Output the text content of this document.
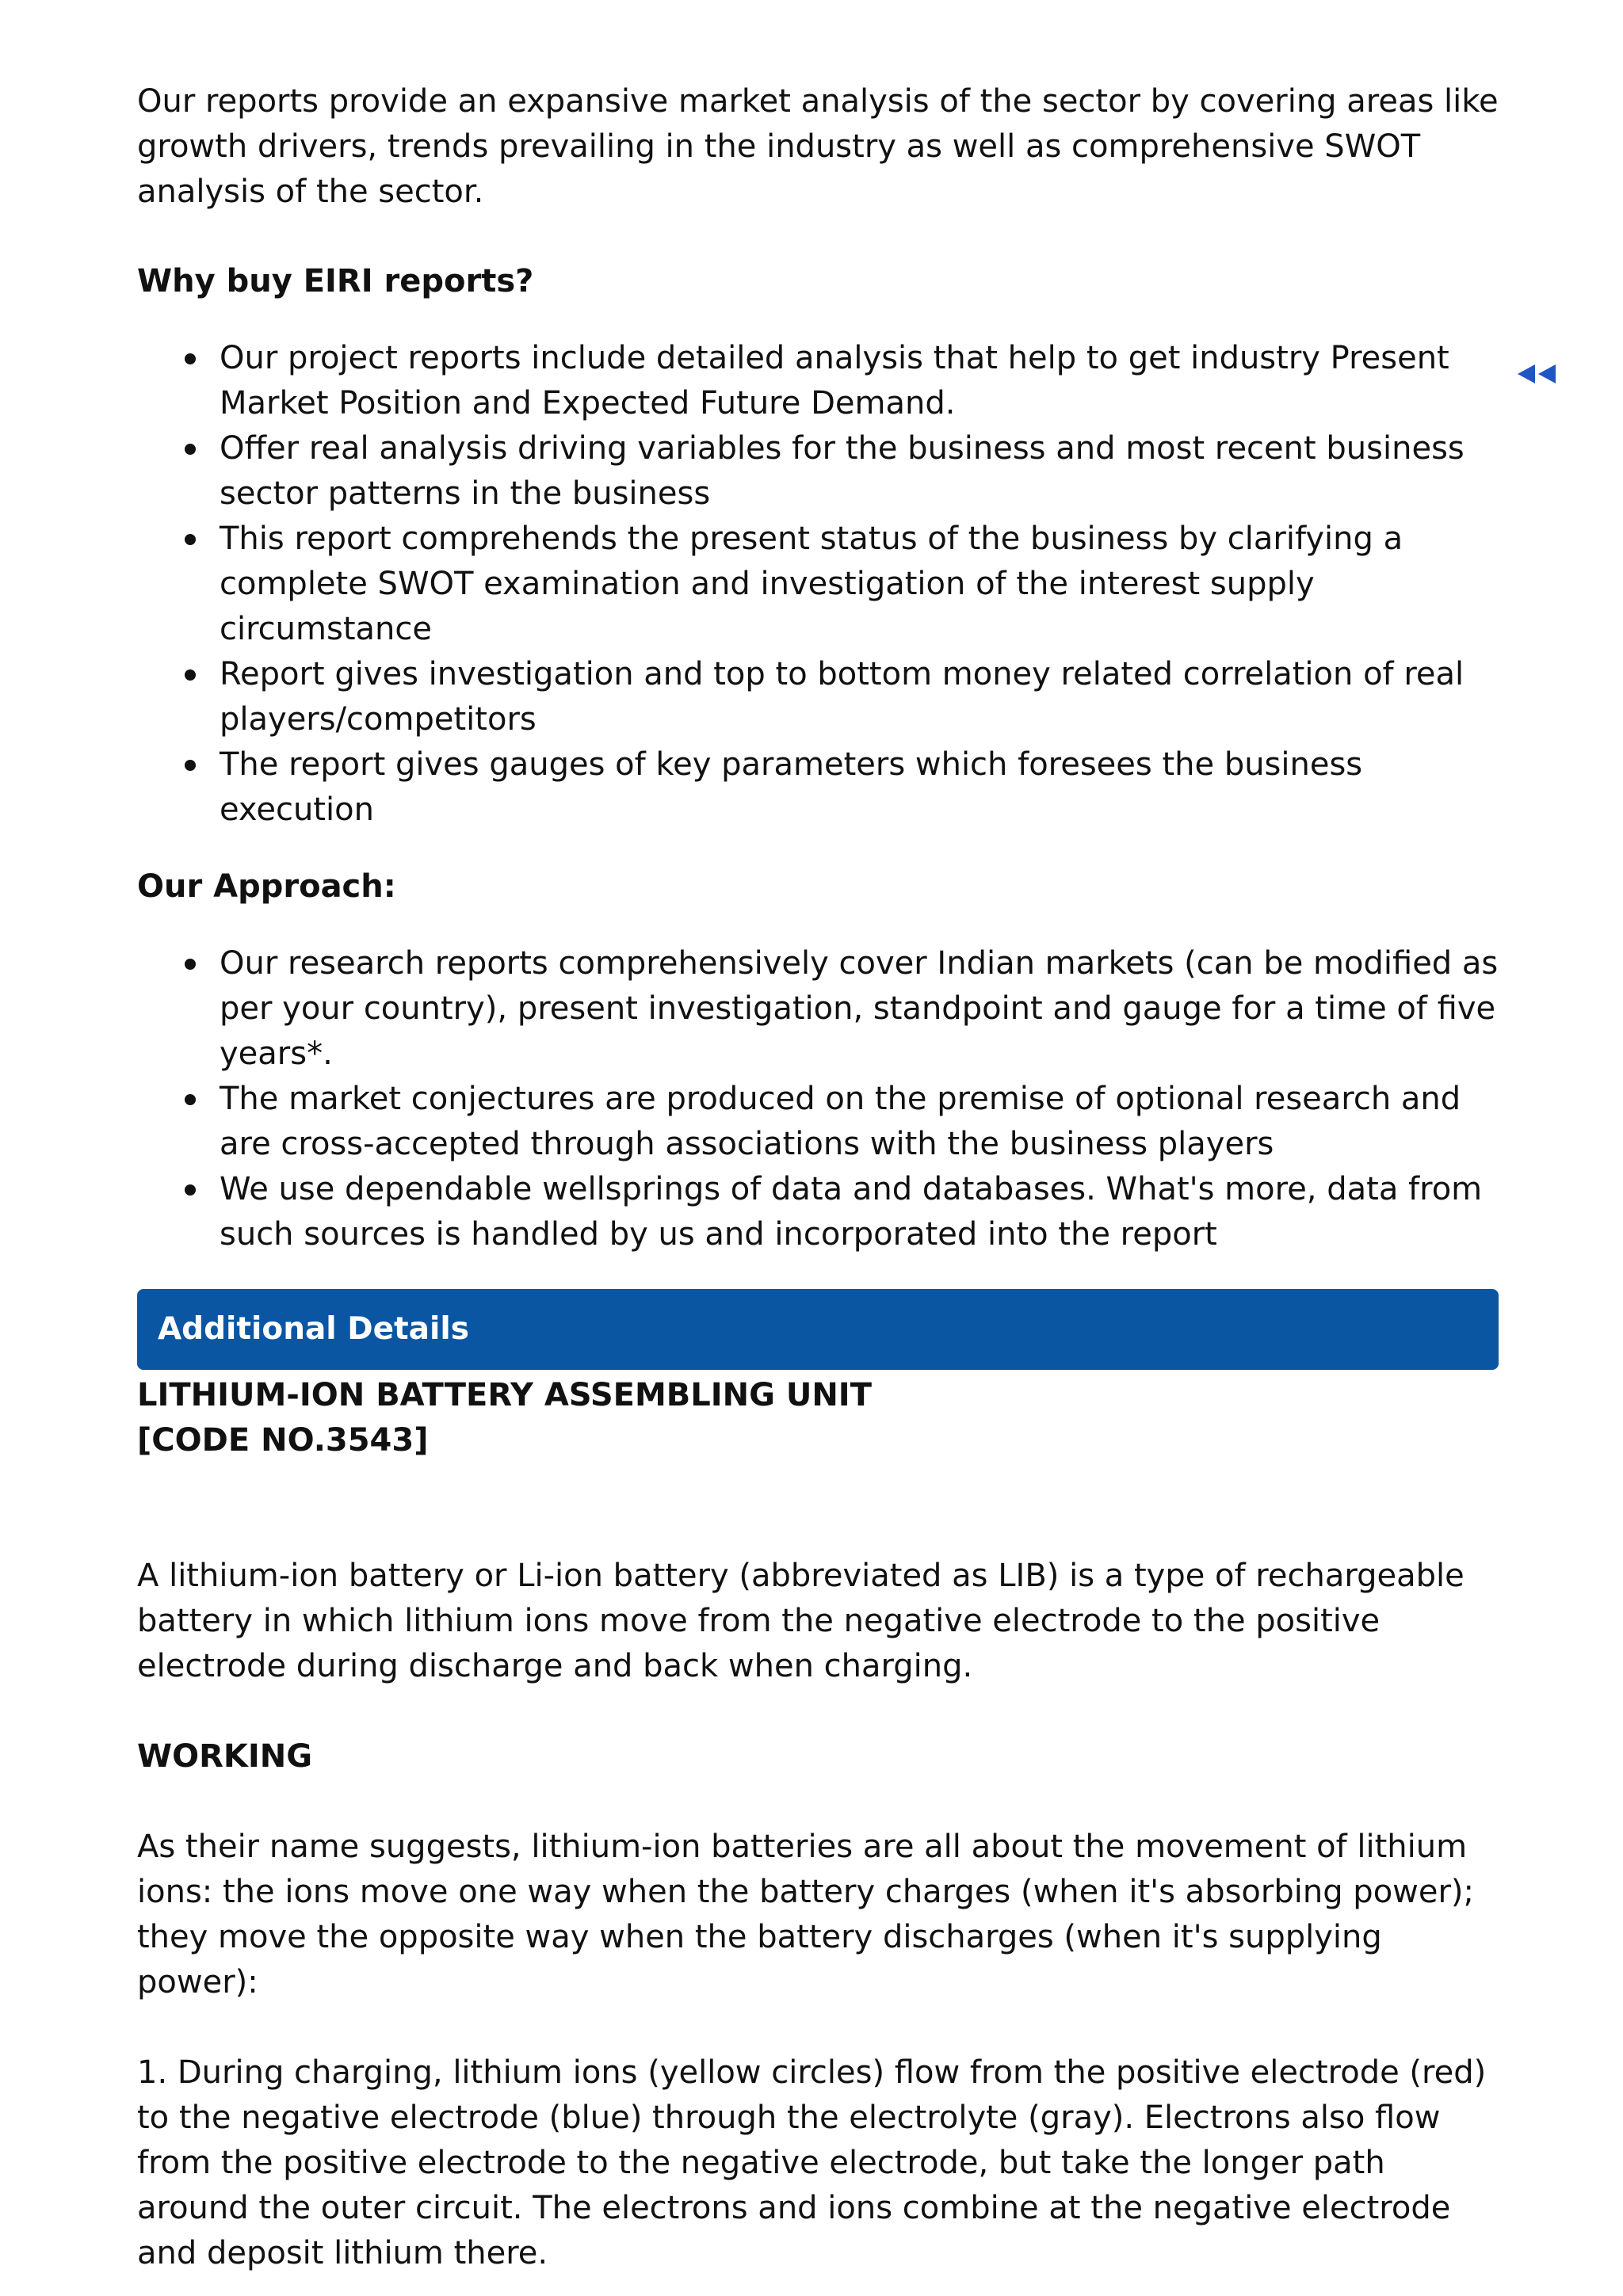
Our reports provide an expansive market analysis of the sector by covering areas like growth drivers, trends prevailing in the industry as well as comprehensive SWOT analysis of the sector.

Why buy EIRI reports?

Our project reports include detailed analysis that help to get industry Present Market Position and Expected Future Demand.
Offer real analysis driving variables for the business and most recent business sector patterns in the business
This report comprehends the present status of the business by clarifying a complete SWOT examination and investigation of the interest supply circumstance
Report gives investigation and top to bottom money related correlation of real players/competitors
The report gives gauges of key parameters which foresees the business execution

Our Approach:

Our research reports comprehensively cover Indian markets (can be modified as per your country), present investigation, standpoint and gauge for a time of five years*.
The market conjectures are produced on the premise of optional research and are cross-accepted through associations with the business players
We use dependable wellsprings of data and databases. What's more, data from such sources is handled by us and incorporated into the report
Additional Details

LITHIUM-ION BATTERY ASSEMBLING UNIT

[CODE NO.3543]

A lithium-ion battery or Li-ion battery (abbreviated as LIB) is a type of rechargeable battery in which lithium ions move from the negative electrode to the positive electrode during discharge and back when charging.

WORKING

As their name suggests, lithium-ion batteries are all about the movement of lithium ions: the ions move one way when the battery charges (when it's absorbing power); they move the opposite way when the battery discharges (when it's supplying power):

1. During charging, lithium ions (yellow circles) flow from the positive electrode (red) to the negative electrode (blue) through the electrolyte (gray). Electrons also flow from the positive electrode to the negative electrode, but take the longer path around the outer circuit. The electrons and ions combine at the negative electrode and deposit lithium there.
